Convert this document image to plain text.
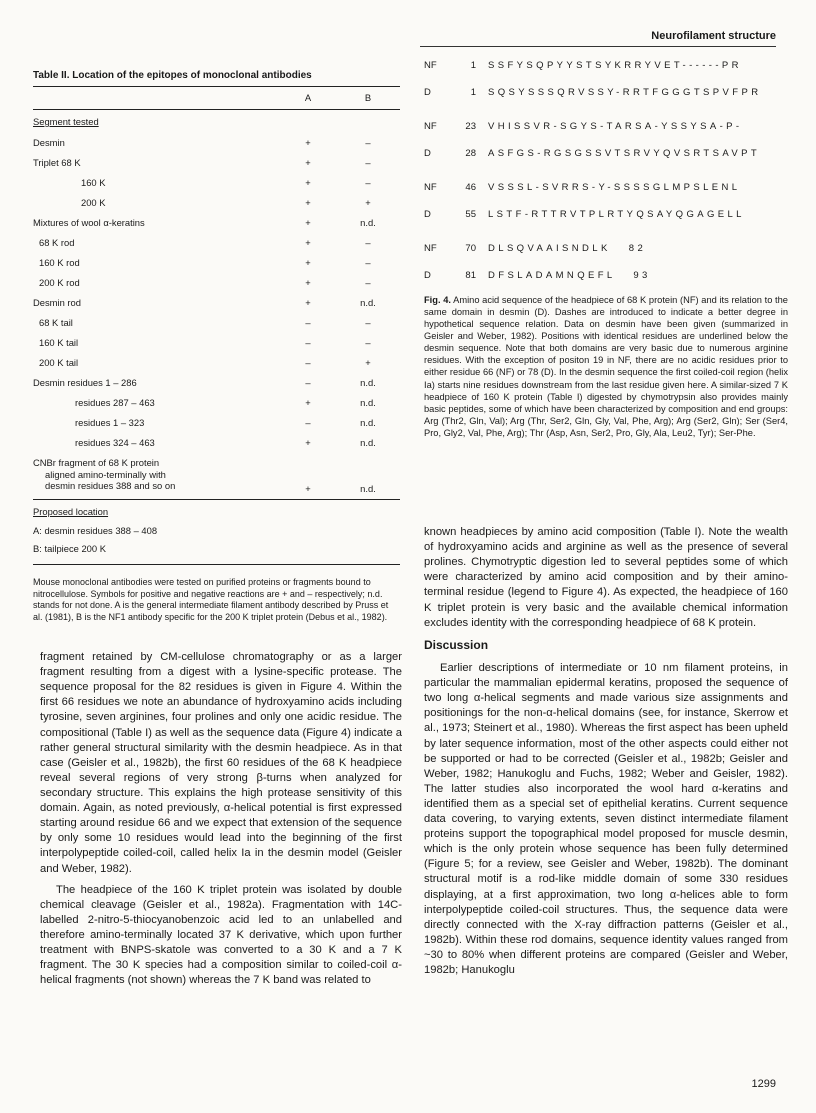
Neurofilament structure
Table II. Location of the epitopes of monoclonal antibodies
A	B
Segment tested
Desmin	+	–
Triplet 68 K	+	–
160 K	+	–
200 K	+	+
Mixtures of wool α-keratins	+	n.d.
68 K rod	+	–
160 K rod	+	–
200 K rod	+	–
Desmin rod	+	n.d.
68 K tail	–	–
160 K tail	–	–
200 K tail	–	+
Desmin residues 1 – 286	–	n.d.
residues 287 – 463	+	n.d.
residues 1 – 323	–	n.d.
residues 324 – 463	+	n.d.
CNBr fragment of 68 K protein
aligned amino-terminally with
desmin residues 388 and so on	+	n.d.
Proposed location
A: desmin residues 388 – 408
B: tailpiece 200 K
Mouse monoclonal antibodies were tested on purified proteins or fragments bound to nitrocellulose. Symbols for positive and negative reactions are + and – respectively; n.d. stands for not done. A is the general intermediate filament antibody described by Pruss et al. (1981), B is the NF1 antibody specific for the 200 K triplet protein (Debus et al., 1982).

fragment retained by CM-cellulose chromatography or as a larger fragment resulting from a digest with a lysine-specific protease. The sequence proposal for the 82 residues is given in Figure 4. Within the first 66 residues we note an abundance of hydroxyamino acids including tyrosine, seven arginines, four prolines and only one acidic residue. The compositional (Table I) as well as the sequence data (Figure 4) indicate a rather general structural similarity with the desmin headpiece. As in that case (Geisler et al., 1982b), the first 60 residues of the 68 K headpiece reveal several regions of very strong β-turns when analyzed for secondary structure. This explains the high protease sensitivity of this domain. Again, as noted previously, α-helical potential is first expressed starting around residue 66 and we expect that extension of the sequence by only some 10 residues would lead into the beginning of the first interpolypeptide coiled-coil, called helix Ia in the desmin model (Geisler and Weber, 1982).

The headpiece of the 160 K triplet protein was isolated by double chemical cleavage (Geisler et al., 1982a). Fragmentation with 14C-labelled 2-nitro-5-thiocyanobenzoic acid led to an unlabelled and therefore amino-terminally located 37 K derivative, which upon further treatment with BNPS-skatole was converted to a 30 K and a 7 K fragment. The 30 K species had a composition similar to coiled-coil α-helical fragments (not shown) whereas the 7 K band was related to

NF	1	SSFYSQPYYSTSYKRRYVET------PR
D	1	SQSYSSSQRVSSY-RRTFGGGTSPVFPR
NF	23	VHISSVR-SGYS-TARSA-YSSYSA-P-
D	28	ASFGS-RGSGSSVTSRVYQVSRTSAVPT
NF	46	VSSSL-SVRRS-Y-SSSSGLMPSLENL
D	55	LSTF-RTTRVTPLRTYQSAYQGAGELL
NF	70	DLSQVAAISNDLK   82
D	81	DFSLADAMNQEFL   93
Fig. 4. Amino acid sequence of the headpiece of 68 K protein (NF) and its relation to the same domain in desmin (D). Dashes are introduced to indicate a better degree in hypothetical sequence relation. Data on desmin have been given (summarized in Geisler and Weber, 1982). Positions with identical residues are underlined below the desmin sequence. Note that both domains are very basic due to numerous arginine residues. With the exception of positon 19 in NF, there are no acidic residues prior to either residue 66 (NF) or 78 (D). In the desmin sequence the first coiled-coil region (helix Ia) starts nine residues downstream from the last residue given here. A similar-sized 7 K headpiece of 160 K protein (Table I) digested by chymotrypsin also provides mainly basic peptides, some of which have been characterized by composition and end groups: Arg (Thr2, Gln, Val); Arg (Thr, Ser2, Gln, Gly, Val, Phe, Arg); Arg (Ser2, Gln); Ser (Ser4, Pro, Gly2, Val, Phe, Arg); Thr (Asp, Asn, Ser2, Pro, Gly, Ala, Leu2, Tyr); Ser-Phe.

known headpieces by amino acid composition (Table I). Note the wealth of hydroxyamino acids and arginine as well as the presence of several prolines. Chymotryptic digestion led to several peptides some of which were characterized by amino acid composition and by their amino-terminal residue (legend to Figure 4). As expected, the headpiece of 160 K triplet protein is very basic and the available chemical information excludes identity with the corresponding headpiece of 68 K protein.

Discussion

Earlier descriptions of intermediate or 10 nm filament proteins, in particular the mammalian epidermal keratins, proposed the sequence of two long α-helical segments and made various size assignments and positionings for the non-α-helical domains (see, for instance, Skerrow et al., 1973; Steinert et al., 1980). Whereas the first aspect has been upheld by later sequence information, most of the other aspects could either not be supported or had to be corrected (Geisler et al., 1982b; Geisler and Weber, 1982; Hanukoglu and Fuchs, 1982; Weber and Geisler, 1982). The latter studies also incorporated the wool hard α-keratins and identified them as a special set of epithelial keratins. Current sequence data covering, to varying extents, seven distinct intermediate filament proteins support the topographical model proposed for muscle desmin, which is the only protein whose sequence has been fully determined (Figure 5; for a review, see Geisler and Weber, 1982b). The dominant structural motif is a rod-like middle domain of some 330 residues displaying, at a first approximation, two long α-helices able to form interpolypeptide coiled-coil structures. Thus, the sequence data were directly connected with the X-ray diffraction patterns (Geisler et al., 1982b). Within these rod domains, sequence identity values ranged from ~30 to 80% when different proteins are compared (Geisler and Weber, 1982b; Hanukoglu

1299
